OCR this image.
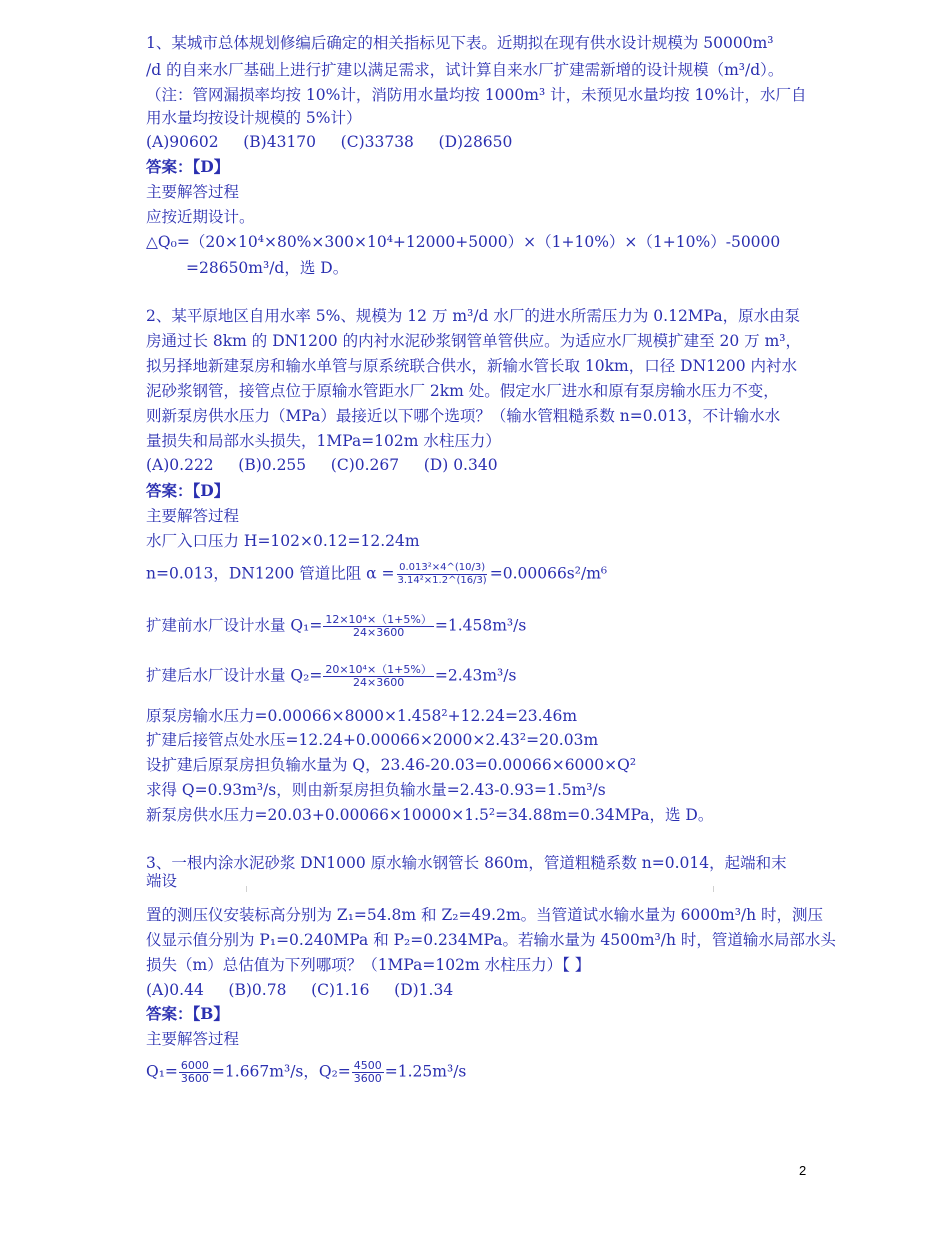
1、某城市总体规划修编后确定的相关指标见下表。近期拟在现有供水设计规模为 50000m³
/d 的自来水厂基础上进行扩建以满足需求，试计算自来水厂扩建需新增的设计规模（m³/d）。
（注：管网漏损率均按 10%计，消防用水量均按 1000m³ 计，未预见水量均按 10%计，水厂自
用水量均按设计规模的 5%计）
(A)90602     (B)43170     (C)33738     (D)28650
答案：【D】
主要解答过程
应按近期设计。
△Q₀=（20×10⁴×80%×300×10⁴+12000+5000）×（1+10%）×（1+10%）-50000
=28650m³/d，选 D。
2、某平原地区自用水率 5%、规模为 12 万 m³/d 水厂的进水所需压力为 0.12MPa，原水由泵
房通过长 8km 的 DN1200 的内衬水泥砂浆钢管单管供应。为适应水厂规模扩建至 20 万 m³，
拟另择地新建泵房和输水单管与原系统联合供水，新输水管长取 10km，口径 DN1200 内衬水
泥砂浆钢管，接管点位于原输水管距水厂 2km 处。假定水厂进水和原有泵房输水压力不变，
则新泵房供水压力（MPa）最接近以下哪个选项？（输水管粗糙系数 n=0.013，不计输水水
量损失和局部水头损失，1MPa=102m 水柱压力）
(A)0.222     (B)0.255     (C)0.267     (D) 0.340
答案：【D】
主要解答过程
水厂入口压力 H=102×0.12=12.24m
n=0.013，DN1200 管道比阻 $\alpha = \frac{\text{0.013²×4\textasciicircum{}(10/3)}}{\text{3.14²×1.2\textasciicircum{}(16/3)}} =0.00066s^2/m^6$
扩建前水厂设计水量 $Q_1= \frac{\text{12×10⁴×（1+5\%）}}{24\times 3600} =1.458m^3/s$
扩建后水厂设计水量 $Q_2= \frac{\text{20×10⁴×（1+5\%）}}{24\times 3600} =2.43m^3/s$
原泵房输水压力=0.00066×8000×1.458²+12.24=23.46m
扩建后接管点处水压=12.24+0.00066×2000×2.43²=20.03m
设扩建后原泵房担负输水量为 Q，23.46-20.03=0.00066×6000×Q²
求得 Q=0.93m³/s，则由新泵房担负输水量=2.43-0.93=1.5m³/s
新泵房供水压力=20.03+0.00066×10000×1.5²=34.88m=0.34MPa，选 D。
3、一根内涂水泥砂浆 DN1000 原水输水钢管长 860m，管道粗糙系数 n=0.014，起端和末
端设
置的测压仪安装标高分别为 Z₁=54.8m 和 Z₂=49.2m。当管道试水输水量为 6000m³/h 时，测压
仪显示值分别为 P₁=0.240MPa 和 P₂=0.234MPa。若输水量为 4500m³/h 时，管道输水局部水头
损失（m）总估值为下列哪项？（1MPa=102m 水柱压力）【 】
(A)0.44     (B)0.78     (C)1.16     (D)1.34
答案：【B】
主要解答过程
$Q_1= \frac{6000}{3600} =1.667m^3/s$，$Q_2= \frac{4500}{3600} =1.25m^3/s$
2
